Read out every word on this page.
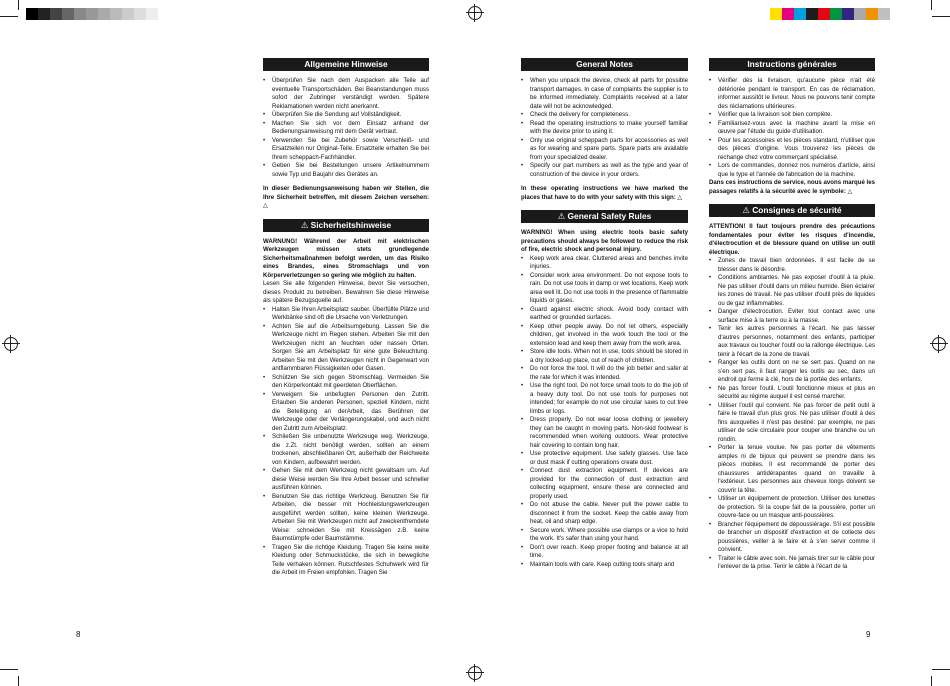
Allgemeine Hinweise
• Überprüfen Sie nach dem Auspacken alle Teile auf eventuelle Transportschäden. Bei Beanstandungen muss sofort der Zubringer verständigt werden. Spätere Reklamationen werden nicht anerkannt.
• Überprüfen Sie die Sendung auf Vollständigkeit.
• Machen Sie sich vor dem Einsatz anhand der Bedienungsanweisung mit dem Gerät vertraut.
• Verwenden Sie bei Zubehör sowie Verschleiß- und Ersatzteilen nur Original-Teile. Ersatzteile erhalten Sie bei Ihrem scheppach-Fachhändler.
• Geben Sie bei Bestellungen unsere Artikelnummern sowie Typ und Baujahr des Gerätes an.

In dieser Bedienungsanweisung haben wir Stellen, die Ihre Sicherheit betreffen, mit diesem Zeichen versehen: △

⚠ Sicherheitshinweise

WARNUNG! Während der Arbeit mit elektrischen Werkzeugen müssen stets grundlegende Sicherheitsmaßnahmen befolgt werden, um das Risiko eines Brandes, eines Stromschlags und von Körperverletzungen so gering wie möglich zu halten.

Lesen Sie alle folgenden Hinweise, bevor Sie versuchen, dieses Produkt zu betreiben. Bewahren Sie diese Hinweise als spätere Bezugsquelle auf.

• Halten Sie Ihren Arbeitsplatz sauber. Überfüllte Plätze und Werkbänke sind oft die Ursache von Verletzungen.
• Achten Sie auf die Arbeitsumgebung. Lassen Sie die Werkzeuge nicht im Regen stehen. Arbeiten Sie mit den Werkzeugen nicht an feuchten oder nassen Orten. Sorgen Sie am Arbeitsplatz für eine gute Beleuchtung. Arbeiten Sie mit den Werkzeugen nicht in Gegenwart von antflammbaren Flüssigkeiten oder Gasen.
• Schützen Sie sich gegen Stromschlag. Vermeiden Sie den Körperkontakt mit geerdeten Oberflächen.
• Verweigern Sie unbefugten Personen den Zutritt. Erlauben Sie anderen Personen, speziell Kindern, nicht die Beteiligung an derArbeit, das Berühren der Werkzeuge oder der Verlängerungskabel, und auch nicht den Zutritt zum Arbeitsplatz.
• Schließen Sie unbenutzte Werkzeuge weg. Werkzeuge, die z.Zt. nicht benötigt werden, sollten an einem trockenen, abschließbaren Ort, außerhalb der Reichweite von Kindern, aufbewahrt werden.
• Gehen Sie mit dem Werkzeug nicht gewaltsam um. Auf diese Weise werden Sie Ihre Arbeit besser und schneller ausführen können.
• Benutzen Sie das richtige Werkzeug. Benutzen Sie für Arbeiten, die besser mit Hochleistungswerkzeugen ausgeführt werden sollten, keine kleinen Werkzeuge. Arbeiten Sie mit Werkzeugen nicht auf zweckentfremdete Weise: schneiden Sie mit Kreissägen z.B. keine Baumstümpfe oder Baumstämme.
• Tragen Sie die richtige Kleidung. Tragen Sie keine weite Kleidung oder Schmuckstücke, die sich in bewegliche Teile verhaken können. Rutschfestes Schuhwerk wird für die Arbeit im Freien empfohlen. Tragen Sie
General Notes
• When you unpack the device, check all parts for possible transport damages. In case of complaints the supplier is to be informed immediately. Complaints received at a later date will not be acknowledged.
• Check the delivery for completeness.
• Read the operating instructions to make yourself familiar with the device prior to using it.
• Only use original scheppach parts for accessories as well as for wearing and spare parts. Spare parts are available from your specialized dealer.
• Specify our part numbers as well as the type and year of construction of the device in your orders.

In these operating instructions we have marked the places that have to do with your safety with this sign: △

⚠ General Safety Rules

WARNING! When using electric tools basic safety precautions should always be followed to reduce the risk of fire, electric shock and personal injury.

• Keep work area clear. Cluttered areas and benches invite injuries.
• Consider work area environment. Do not expose tools to rain. Do not use tools in damp or wet locations. Keep work area well lit. Do not use tools in the presence of flammable liquids or gases.
• Guard against electric shock. Avoid body contact with earthed or grounded surfaces.
• Keep other people away. Do not let others, especially children, get involved in the work touch the tool or the extension lead and keep them away from the work area.
• Store idle tools. When not in use, tools should be stored in a dry locked-up place, out of reach of children.
• Do not force the tool. It will do the job better and safer at the rate for which it was intended.
• Use the right tool. Do not force small tools to do the job of a heavy duty tool. Do not use tools for purposes not intended; for example do not use circular saws to cut tree limbs or logs.
• Dress properly. Do not wear loose clothing or jewellery they can be caught in moving parts. Non-skid footwear is recommended when working outdoors. Wear protective hair covering to contain long hair.
• Use protective equipment. Use safety glasses. Use face or dust mask if cutting operations create dust.
• Connect dust extraction equipment. If devices are provided for the connection of dust extraction and collecting equipment, ensure these are connected and properly used.
• Do not abuse the cable. Never pull the power cable to disconnect it from the socket. Keep the cable away from heat, oil and sharp edge.
• Secure work. Where possible use clamps or a vice to hold the work. It's safer than using your hand.
• Don't over reach. Keep proper footing and balance at all time.
• Maintain tools with care. Keep cutting tools sharp and
Instructions générales
• Vérifier dès la livraison, qu'aucune pièce n'ait été détériorée pendant le transport. En cas de réclamation, informer aussitôt le livreur. Nous ne pouvons tenir compte des réclamations ultérieures.
• Vérifier que la livraison soit bien complète.
• Familiarisez-vous avec la machine avant la mise en œuvre par l'étude du guide d'utilisation.
• Pour les accessoires et les pièces standard, n'utiliser que des pièces d'origine. Vous trouverez les pièces de rechange chez votre commerçant spécialisé.
• Lors de commandes, donnez nos numéros d'article, ainsi que le type et l'année de fabrication de la machine.

Dans ces instructions de service, nous avons marqué les passages relatifs à la sécurité avec le symbole: △

⚠ Consignes de sécurité

ATTENTION! Il faut toujours prendre des précautions fondamentales pour éviter les risques d'incendie, d'électrocution et de blessure quand on utilise un outil électrique.

• Zones de travail bien ordonnées. Il est facile de se blesser dans le désordre.
• Conditions ambiantes. Ne pas exposer d'outil à la pluie. Ne pas utiliser d'outil dans un milieu humide. Bien éclairer les zones de travail. Ne pas utiliser d'outil près de liquides ou de gaz inflammables.
• Danger d'électrocution. Eviter tout contact avec une surface mise à la terre ou à la masse.
• Tenir les autres personnes à l'écart. Ne pas laisser d'autres personnes, notamment des enfants, participer aux travaux ou toucher l'outil ou la rallonge électrique. Les tenir à l'écart de la zone de travail.
• Ranger les outils dont on ne se sert pas. Quand on ne s'en sert pas, il faut ranger les outils au sec, dans un endroit qui ferme à clé, hors de la portée des enfants.
• Ne pas forcer l'outil. L'outil fonctionne mieux et plus en sécurité au régime auquel il est censé marcher.
• Utiliser l'outil qui convient. Ne pas forcer de petit outil à faire le travail d'un plus gros. Ne pas utiliser d'outil à des fins auxquelles il n'est pas destiné: par exemple, ne pas utiliser de scie circulaire pour couper une branche ou un rondin.
• Porter la tenue voulue. Ne pas porter de vêtements amples ni de bijoux qui peuvent se prendre dans les pièces mobiles. Il est recommandé de porter des chaussures antidérapantes quand on travaille à l'extérieur. Les personnes aux cheveux longs doivent se couvrir la tête.
• Utiliser un équipement de protection. Utiliser des lunettes de protection. Si la coupe fait de la poussière, porter un couvre-face ou un masque anti-poussières.
• Brancher l'équipement de dépoussiérage. S'il est possible de brancher un dispositif d'extraction et de collecte des poussières, veiller à le faire et à s'en servir comme il convient.
• Traiter le câble avec soin. Ne jamais tirer sur le câble pour l'enlever de la prise. Tenir le câble à l'écart de la
8	9
